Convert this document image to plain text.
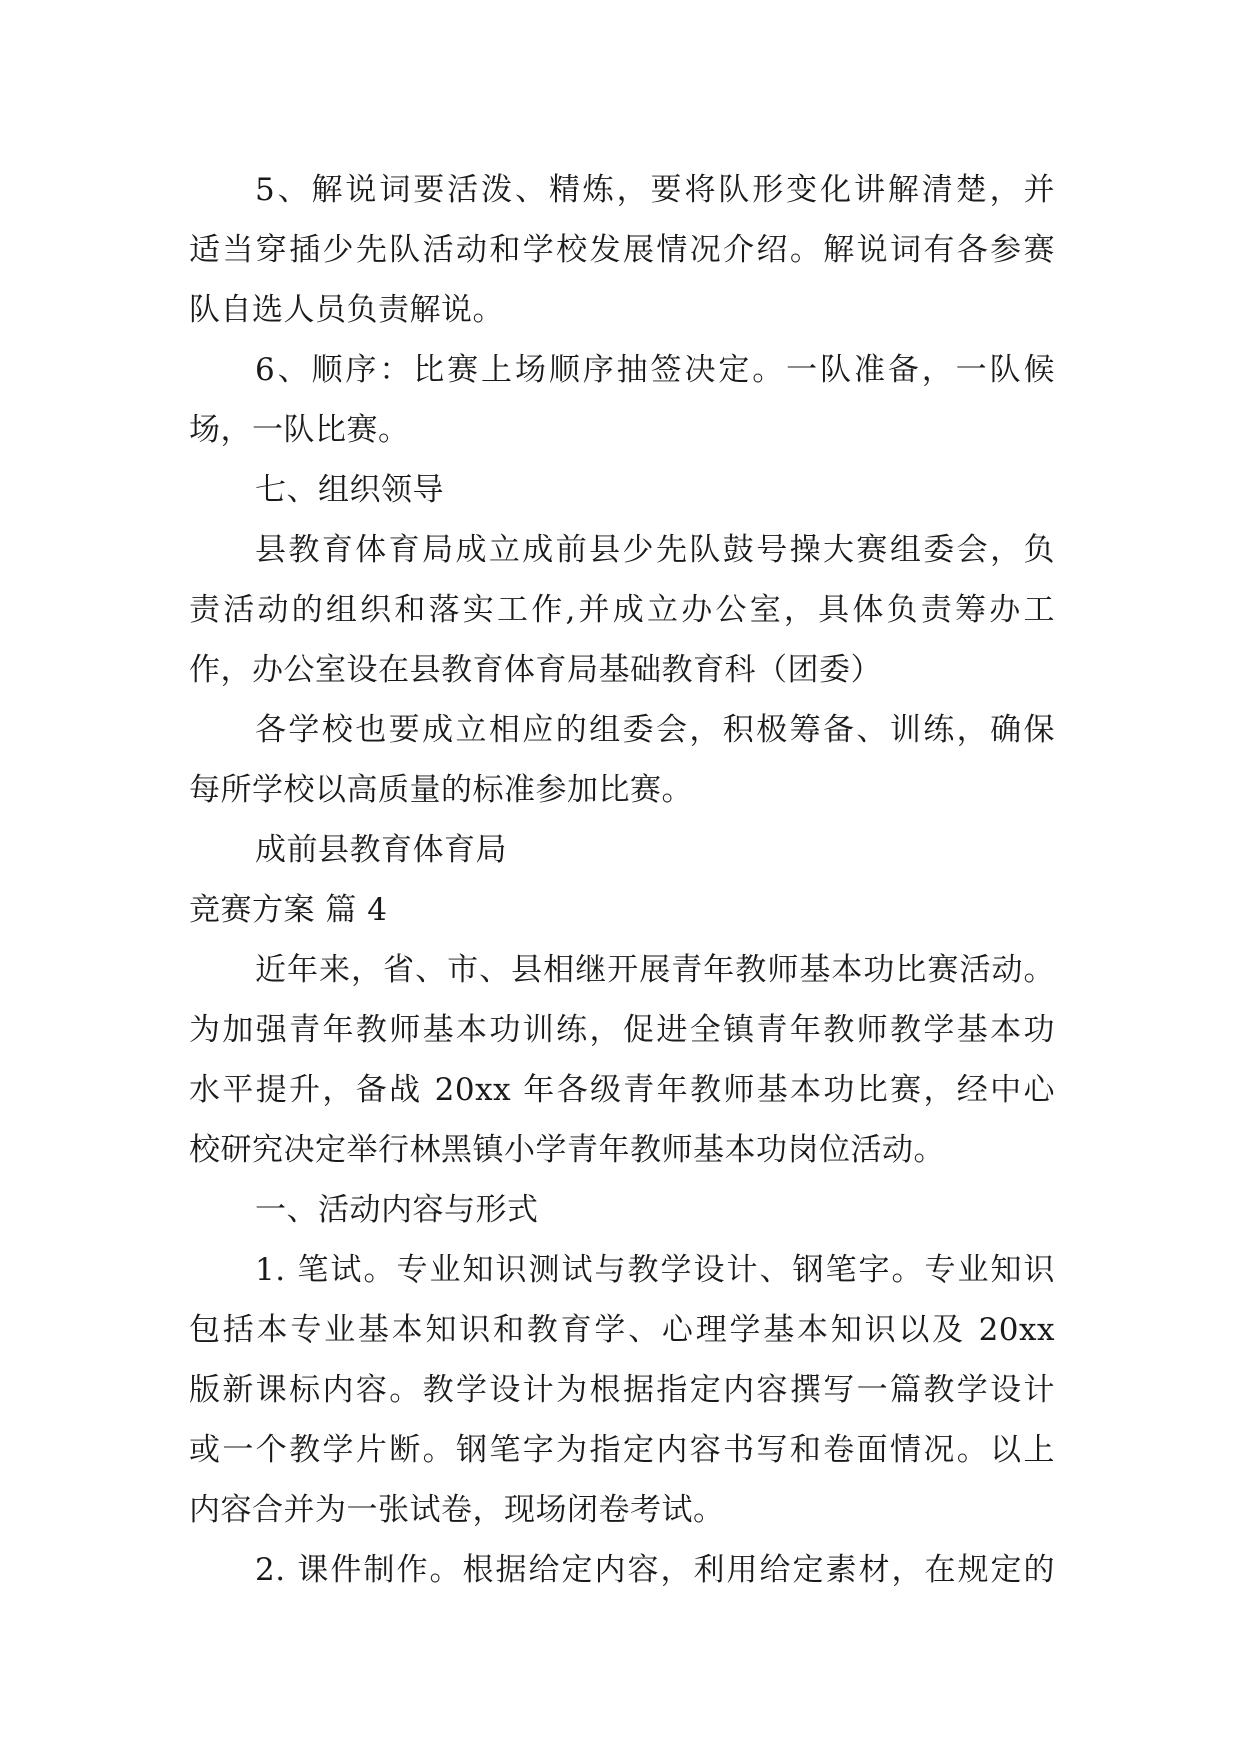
5、解说词要活泼、精炼，要将队形变化讲解清楚，并
适当穿插少先队活动和学校发展情况介绍。解说词有各参赛
队自选人员负责解说。
6、顺序：比赛上场顺序抽签决定。一队准备，一队候
场，一队比赛。
七、组织领导
县教育体育局成立成前县少先队鼓号操大赛组委会，负
责活动的组织和落实工作,并成立办公室，具体负责筹办工
作，办公室设在县教育体育局基础教育科（团委）
各学校也要成立相应的组委会，积极筹备、训练，确保
每所学校以高质量的标准参加比赛。
成前县教育体育局
竞赛方案 篇 4
近年来，省、市、县相继开展青年教师基本功比赛活动。
为加强青年教师基本功训练，促进全镇青年教师教学基本功
水平提升，备战 20xx 年各级青年教师基本功比赛，经中心
校研究决定举行林黑镇小学青年教师基本功岗位活动。
一、活动内容与形式
1. 笔试。专业知识测试与教学设计、钢笔字。专业知识
包括本专业基本知识和教育学、心理学基本知识以及 20xx
版新课标内容。教学设计为根据指定内容撰写一篇教学设计
或一个教学片断。钢笔字为指定内容书写和卷面情况。以上
内容合并为一张试卷，现场闭卷考试。
2. 课件制作。根据给定内容，利用给定素材，在规定的
